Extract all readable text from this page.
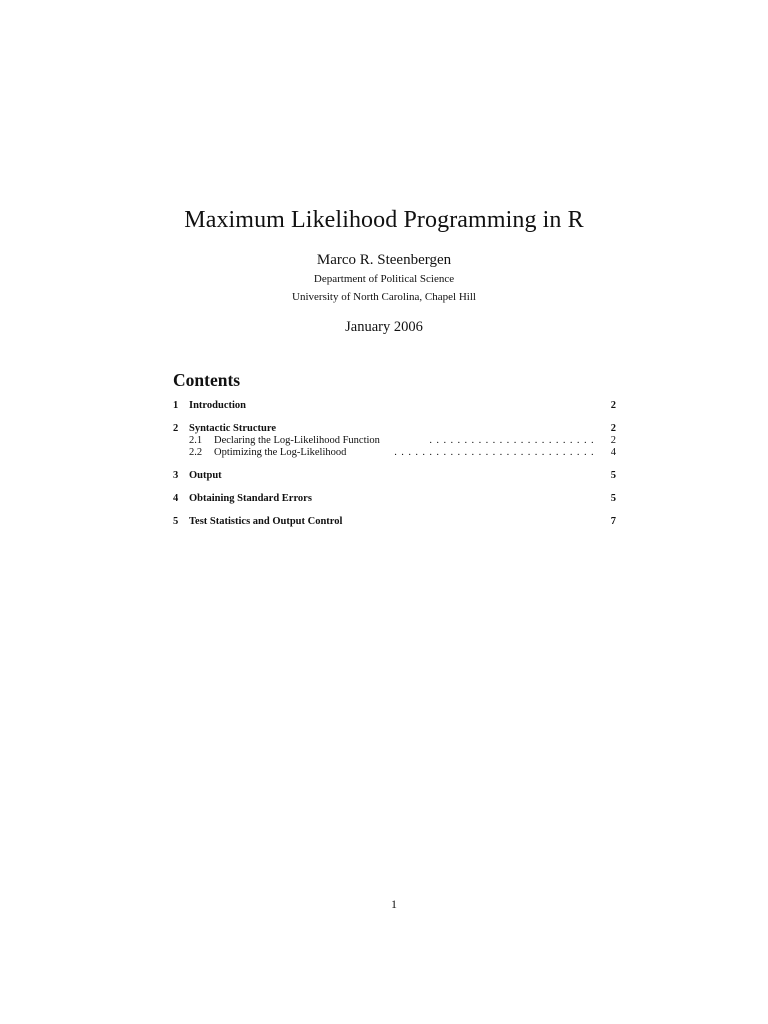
Maximum Likelihood Programming in R
Marco R. Steenbergen
Department of Political Science
University of North Carolina, Chapel Hill
January 2006
Contents
1 Introduction	2
2 Syntactic Structure	2
2.1 Declaring the Log-Likelihood Function	........................ 2
2.2 Optimizing the Log-Likelihood	............................. 4
3 Output	5
4 Obtaining Standard Errors	5
5 Test Statistics and Output Control	7
1
